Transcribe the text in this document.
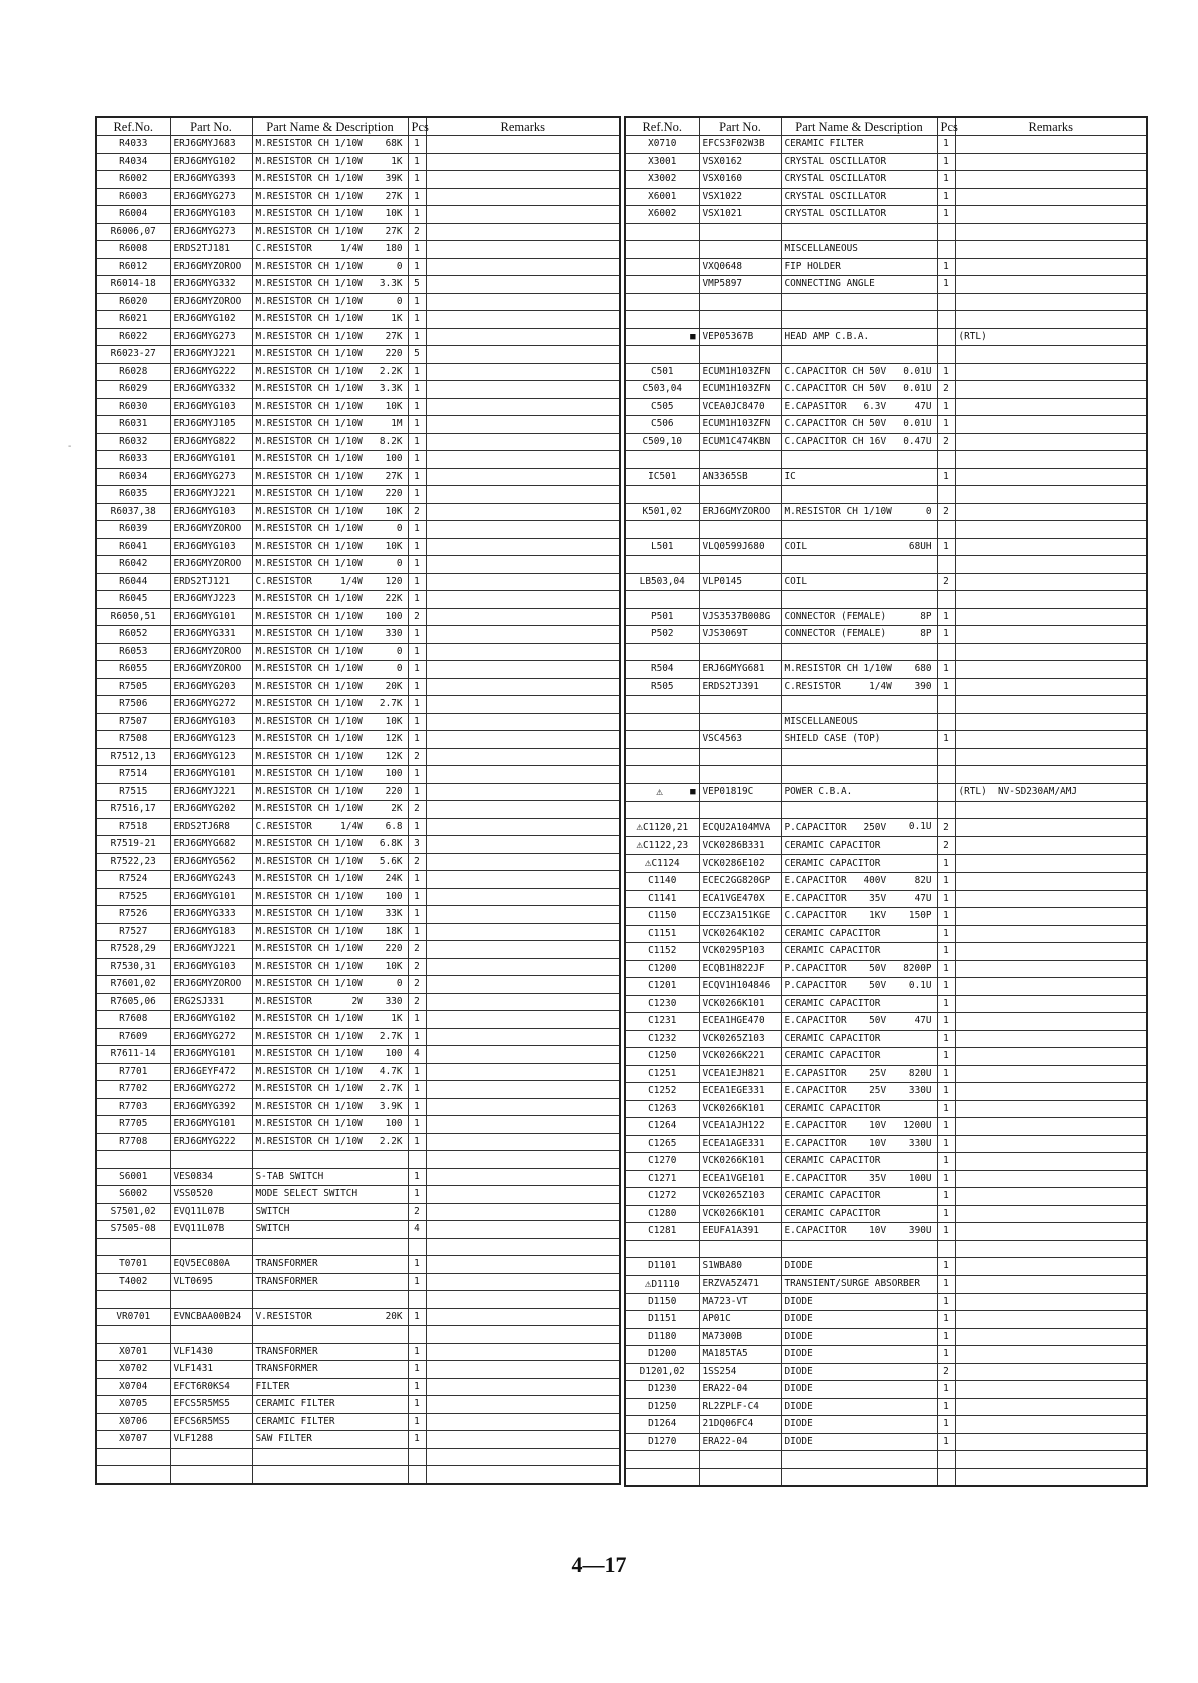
Ref.No.	Part No.	Part Name & Description	Pcs	Remarks
R4033	ERJ6GMYJ683	M.RESISTOR CH 1/10W 68K	1	
R4034	ERJ6GMYG102	M.RESISTOR CH 1/10W 1K	1	
R6002	ERJ6GMYG393	M.RESISTOR CH 1/10W 39K	1	
R6003	ERJ6GMYG273	M.RESISTOR CH 1/10W 27K	1	
R6004	ERJ6GMYG103	M.RESISTOR CH 1/10W 10K	1	
R6006,07	ERJ6GMYG273	M.RESISTOR CH 1/10W 27K	2	
R6008	ERDS2TJ181	C.RESISTOR     1/4W 180	1	
R6012	ERJ6GMYZOROO	M.RESISTOR CH 1/10W 0	1	
R6014-18	ERJ6GMYG332	M.RESISTOR CH 1/10W 3.3K	5	
R6020	ERJ6GMYZOROO	M.RESISTOR CH 1/10W 0	1	
R6021	ERJ6GMYG102	M.RESISTOR CH 1/10W 1K	1	
R6022	ERJ6GMYG273	M.RESISTOR CH 1/10W 27K	1	
R6023-27	ERJ6GMYJ221	M.RESISTOR CH 1/10W 220	5	
R6028	ERJ6GMYG222	M.RESISTOR CH 1/10W 2.2K	1	
R6029	ERJ6GMYG332	M.RESISTOR CH 1/10W 3.3K	1	
R6030	ERJ6GMYG103	M.RESISTOR CH 1/10W 10K	1	
R6031	ERJ6GMYJ105	M.RESISTOR CH 1/10W 1M	1	
R6032	ERJ6GMYG822	M.RESISTOR CH 1/10W 8.2K	1	
R6033	ERJ6GMYG101	M.RESISTOR CH 1/10W 100	1	
R6034	ERJ6GMYG273	M.RESISTOR CH 1/10W 27K	1	
R6035	ERJ6GMYJ221	M.RESISTOR CH 1/10W 220	1	
R6037,38	ERJ6GMYG103	M.RESISTOR CH 1/10W 10K	2	
R6039	ERJ6GMYZOROO	M.RESISTOR CH 1/10W 0	1	
R6041	ERJ6GMYG103	M.RESISTOR CH 1/10W 10K	1	
R6042	ERJ6GMYZOROO	M.RESISTOR CH 1/10W 0	1	
R6044	ERDS2TJ121	C.RESISTOR     1/4W 120	1	
R6045	ERJ6GMYJ223	M.RESISTOR CH 1/10W 22K	1	
R6050,51	ERJ6GMYG101	M.RESISTOR CH 1/10W 100	2	
R6052	ERJ6GMYG331	M.RESISTOR CH 1/10W 330	1	
R6053	ERJ6GMYZOROO	M.RESISTOR CH 1/10W 0	1	
R6055	ERJ6GMYZOROO	M.RESISTOR CH 1/10W 0	1	
R7505	ERJ6GMYG203	M.RESISTOR CH 1/10W 20K	1	
R7506	ERJ6GMYG272	M.RESISTOR CH 1/10W 2.7K	1	
R7507	ERJ6GMYG103	M.RESISTOR CH 1/10W 10K	1	
R7508	ERJ6GMYG123	M.RESISTOR CH 1/10W 12K	1	
R7512,13	ERJ6GMYG123	M.RESISTOR CH 1/10W 12K	2	
R7514	ERJ6GMYG101	M.RESISTOR CH 1/10W 100	1	
R7515	ERJ6GMYJ221	M.RESISTOR CH 1/10W 220	1	
R7516,17	ERJ6GMYG202	M.RESISTOR CH 1/10W 2K	2	
R7518	ERDS2TJ6R8	C.RESISTOR     1/4W 6.8	1	
R7519-21	ERJ6GMYG682	M.RESISTOR CH 1/10W 6.8K	3	
R7522,23	ERJ6GMYG562	M.RESISTOR CH 1/10W 5.6K	2	
R7524	ERJ6GMYG243	M.RESISTOR CH 1/10W 24K	1	
R7525	ERJ6GMYG101	M.RESISTOR CH 1/10W 100	1	
R7526	ERJ6GMYG333	M.RESISTOR CH 1/10W 33K	1	
R7527	ERJ6GMYG183	M.RESISTOR CH 1/10W 18K	1	
R7528,29	ERJ6GMYJ221	M.RESISTOR CH 1/10W 220	2	
R7530,31	ERJ6GMYG103	M.RESISTOR CH 1/10W 10K	2	
R7601,02	ERJ6GMYZOROO	M.RESISTOR CH 1/10W 0	2	
R7605,06	ERG2SJ331	M.RESISTOR       2W 330	2	
R7608	ERJ6GMYG102	M.RESISTOR CH 1/10W 1K	1	
R7609	ERJ6GMYG272	M.RESISTOR CH 1/10W 2.7K	1	
R7611-14	ERJ6GMYG101	M.RESISTOR CH 1/10W 100	4	
R7701	ERJ6GEYF472	M.RESISTOR CH 1/10W 4.7K	1	
R7702	ERJ6GMYG272	M.RESISTOR CH 1/10W 2.7K	1	
R7703	ERJ6GMYG392	M.RESISTOR CH 1/10W 3.9K	1	
R7705	ERJ6GMYG101	M.RESISTOR CH 1/10W 100	1	
R7708	ERJ6GMYG222	M.RESISTOR CH 1/10W 2.2K	1	

S6001	VES0834	S-TAB SWITCH	1	
S6002	VSS0520	MODE SELECT SWITCH	1	
S7501,02	EVQ11L07B	SWITCH	2	
S7505-08	EVQ11L07B	SWITCH	4	

T0701	EQV5EC080A	TRANSFORMER	1	
T4002	VLT0695	TRANSFORMER	1	

VR0701	EVNCBAA00B24	V.RESISTOR 20K	1	

X0701	VLF1430	TRANSFORMER	1	
X0702	VLF1431	TRANSFORMER	1	
X0704	EFCT6R0KS4	FILTER	1	
X0705	EFCS5R5MS5	CERAMIC FILTER	1	
X0706	EFCS6R5MS5	CERAMIC FILTER	1	
X0707	VLF1288	SAW FILTER	1	

Ref.No.	Part No.	Part Name & Description	Pcs	Remarks
X0710	EFCS3F02W3B	CERAMIC FILTER	1	
X3001	VSX0162	CRYSTAL OSCILLATOR	1	
X3002	VSX0160	CRYSTAL OSCILLATOR	1	
X6001	VSX1022	CRYSTAL OSCILLATOR	1	
X6002	VSX1021	CRYSTAL OSCILLATOR	1	

		MISCELLANEOUS

	VXQ0648	FIP HOLDER	1	
	VMP5897	CONNECTING ANGLE	1	

■	VEP05367B	HEAD AMP C.B.A.		(RTL)

C501	ECUM1H103ZFN	C.CAPACITOR CH 50V 0.01U	1	
C503,04	ECUM1H103ZFN	C.CAPACITOR CH 50V 0.01U	2	
C505	VCEA0JC8470	E.CAPASITOR   6.3V 47U	1	
C506	ECUM1H103ZFN	C.CAPACITOR CH 50V 0.01U	1	
C509,10	ECUM1C474KBN	C.CAPACITOR CH 16V 0.47U	2	

IC501	AN3365SB	IC	1	

K501,02	ERJ6GMYZOROO	M.RESISTOR CH 1/10W 0	2	

L501	VLQ0599J680	COIL 68UH	1	

LB503,04	VLP0145	COIL	2	

P501	VJS3537B008G	CONNECTOR (FEMALE) 8P	1	
P502	VJS3069T	CONNECTOR (FEMALE) 8P	1	

R504	ERJ6GMYG681	M.RESISTOR CH 1/10W 680	1	
R505	ERDS2TJ391	C.RESISTOR     1/4W 390	1	

		MISCELLANEOUS

	VSC4563	SHIELD CASE (TOP)	1	

⚠ ■	VEP01819C	POWER C.B.A.		(RTL)  NV-SD230AM/AMJ

⚠C1120,21	ECQU2A104MVA	P.CAPACITOR   250V 0.1U	2	
⚠C1122,23	VCK0286B331	CERAMIC CAPACITOR	2	
⚠C1124	VCK0286E102	CERAMIC CAPACITOR	1	
C1140	ECEC2GG820GP	E.CAPACITOR   400V 82U	1	
C1141	ECA1VGE470X	E.CAPACITOR    35V 47U	1	
C1150	ECCZ3A151KGE	C.CAPACITOR    1KV 150P	1	
C1151	VCK0264K102	CERAMIC CAPACITOR	1	
C1152	VCK0295P103	CERAMIC CAPACITOR	1	
C1200	ECQB1H822JF	P.CAPACITOR    50V 8200P	1	
C1201	ECQV1H104846	P.CAPACITOR    50V 0.1U	1	
C1230	VCK0266K101	CERAMIC CAPACITOR	1	
C1231	ECEA1HGE470	E.CAPACITOR    50V 47U	1	
C1232	VCK0265Z103	CERAMIC CAPACITOR	1	
C1250	VCK0266K221	CERAMIC CAPACITOR	1	
C1251	VCEA1EJH821	E.CAPASITOR    25V 820U	1	
C1252	ECEA1EGE331	E.CAPACITOR    25V 330U	1	
C1263	VCK0266K101	CERAMIC CAPACITOR	1	
C1264	VCEA1AJH122	E.CAPACITOR    10V 1200U	1	
C1265	ECEA1AGE331	E.CAPACITOR    10V 330U	1	
C1270	VCK0266K101	CERAMIC CAPACITOR	1	
C1271	ECEA1VGE101	E.CAPACITOR    35V 100U	1	
C1272	VCK0265Z103	CERAMIC CAPACITOR	1	
C1280	VCK0266K101	CERAMIC CAPACITOR	1	
C1281	EEUFA1A391	E.CAPACITOR    10V 390U	1	

D1101	S1WBA80	DIODE	1	
⚠D1110	ERZVA5Z471	TRANSIENT/SURGE ABSORBER	1	
D1150	MA723-VT	DIODE	1	
D1151	AP01C	DIODE	1	
D1180	MA7300B	DIODE	1	
D1200	MA185TA5	DIODE	1	
D1201,02	1SS254	DIODE	2	
D1230	ERA22-04	DIODE	1	
D1250	RL2ZPLF-C4	DIODE	1	
D1264	21DQ06FC4	DIODE	1	
D1270	ERA22-04	DIODE	1	

‐
4—17
